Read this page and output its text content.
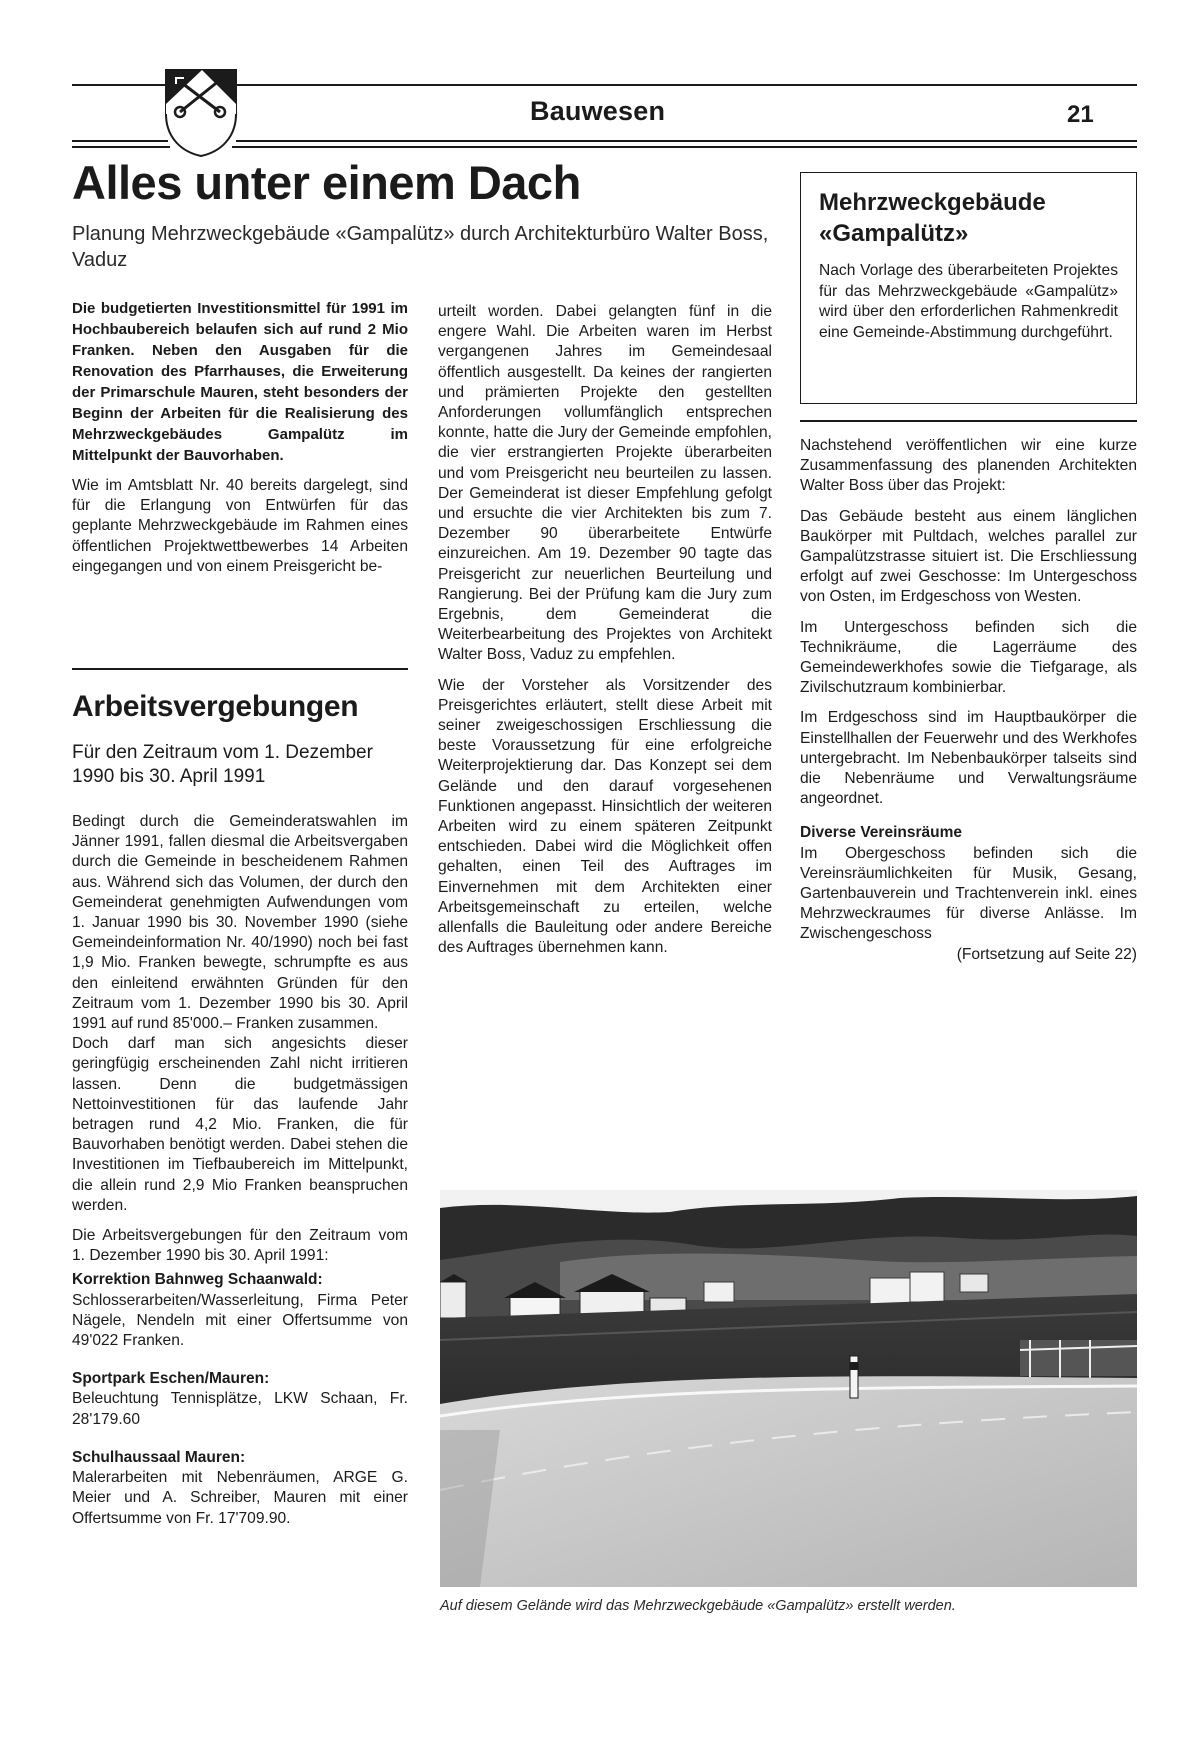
Bauwesen	21
Alles unter einem Dach
Planung Mehrzweckgebäude «Gampalütz» durch Architekturbüro Walter Boss, Vaduz

Die budgetierten Investitionsmittel für 1991 im Hochbaubereich belaufen sich auf rund 2 Mio Franken. Neben den Ausgaben für die Renovation des Pfarrhauses, die Erweiterung der Primarschule Mauren, steht besonders der Beginn der Arbeiten für die Realisierung des Mehrzweckgebäudes Gampalütz im Mittelpunkt der Bauvorhaben.

Wie im Amtsblatt Nr. 40 bereits dargelegt, sind für die Erlangung von Entwürfen für das geplante Mehrzweckgebäude im Rahmen eines öffentlichen Projektwettbewerbes 14 Arbeiten eingegangen und von einem Preisgericht be-

Arbeitsvergebungen
Für den Zeitraum vom 1. Dezember 1990 bis 30. April 1991

Bedingt durch die Gemeinderatswahlen im Jänner 1991, fallen diesmal die Arbeitsvergaben durch die Gemeinde in bescheidenem Rahmen aus. Während sich das Volumen, der durch den Gemeinderat genehmigten Aufwendungen vom 1. Januar 1990 bis 30. November 1990 (siehe Gemeindeinformation Nr. 40/1990) noch bei fast 1,9 Mio. Franken bewegte, schrumpfte es aus den einleitend erwähnten Gründen für den Zeitraum vom 1. Dezember 1990 bis 30. April 1991 auf rund 85'000.– Franken zusammen.

Doch darf man sich angesichts dieser geringfügig erscheinenden Zahl nicht irritieren lassen. Denn die budgetmässigen Nettoinvestitionen für das laufende Jahr betragen rund 4,2 Mio. Franken, die für Bauvorhaben benötigt werden. Dabei stehen die Investitionen im Tiefbaubereich im Mittelpunkt, die allein rund 2,9 Mio Franken beanspruchen werden.

Die Arbeitsvergebungen für den Zeitraum vom 1. Dezember 1990 bis 30. April 1991:

Korrektion Bahnweg Schaanwald:
Schlosserarbeiten/Wasserleitung, Firma Peter Nägele, Nendeln mit einer Offertsumme von 49'022 Franken.
Sportpark Eschen/Mauren:
Beleuchtung Tennisplätze, LKW Schaan, Fr. 28'179.60
Schulhaussaal Mauren:
Malerarbeiten mit Nebenräumen, ARGE G. Meier und A. Schreiber, Mauren mit einer Offertsumme von Fr. 17'709.90.

urteilt worden. Dabei gelangten fünf in die engere Wahl. Die Arbeiten waren im Herbst vergangenen Jahres im Gemeindesaal öffentlich ausgestellt. Da keines der rangierten und prämierten Projekte den gestellten Anforderungen vollumfänglich entsprechen konnte, hatte die Jury der Gemeinde empfohlen, die vier erstrangierten Projekte überarbeiten und vom Preisgericht neu beurteilen zu lassen. Der Gemeinderat ist dieser Empfehlung gefolgt und ersuchte die vier Architekten bis zum 7. Dezember 90 überarbeitete Entwürfe einzureichen. Am 19. Dezember 90 tagte das Preisgericht zur neuerlichen Beurteilung und Rangierung. Bei der Prüfung kam die Jury zum Ergebnis, dem Gemeinderat die Weiterbearbeitung des Projektes von Architekt Walter Boss, Vaduz zu empfehlen.

Wie der Vorsteher als Vorsitzender des Preisgerichtes erläutert, stellt diese Arbeit mit seiner zweigeschossigen Erschliessung die beste Voraussetzung für eine erfolgreiche Weiterprojektierung dar. Das Konzept sei dem Gelände und den darauf vorgesehenen Funktionen angepasst. Hinsichtlich der weiteren Arbeiten wird zu einem späteren Zeitpunkt entschieden. Dabei wird die Möglichkeit offen gehalten, einen Teil des Auftrages im Einvernehmen mit dem Architekten einer Arbeitsgemeinschaft zu erteilen, welche allenfalls die Bauleitung oder andere Bereiche des Auftrages übernehmen kann.

Mehrzweckgebäude «Gampalütz»
Nach Vorlage des überarbeiteten Projektes für das Mehrzweckgebäude «Gampalütz» wird über den erforderlichen Rahmenkredit eine Gemeinde-Abstimmung durchgeführt.

Nachstehend veröffentlichen wir eine kurze Zusammenfassung des planenden Architekten Walter Boss über das Projekt:

Das Gebäude besteht aus einem länglichen Baukörper mit Pultdach, welches parallel zur Gampalützstrasse situiert ist. Die Erschliessung erfolgt auf zwei Geschosse: Im Untergeschoss von Osten, im Erdgeschoss von Westen.

Im Untergeschoss befinden sich die Technikräume, die Lagerräume des Gemeindewerkhofes sowie die Tiefgarage, als Zivilschutzraum kombinierbar.

Im Erdgeschoss sind im Hauptbaukörper die Einstellhallen der Feuerwehr und des Werkhofes untergebracht. Im Nebenbaukörper talseits sind die Nebenräume und Verwaltungsräume angeordnet.

Diverse Vereinsräume
Im Obergeschoss befinden sich die Vereinsräumlichkeiten für Musik, Gesang, Gartenbauverein und Trachtenverein inkl. eines Mehrzweckraumes für diverse Anlässe. Im Zwischengeschoss
(Fortsetzung auf Seite 22)
Auf diesem Gelände wird das Mehrzweckgebäude «Gampalütz» erstellt werden.
